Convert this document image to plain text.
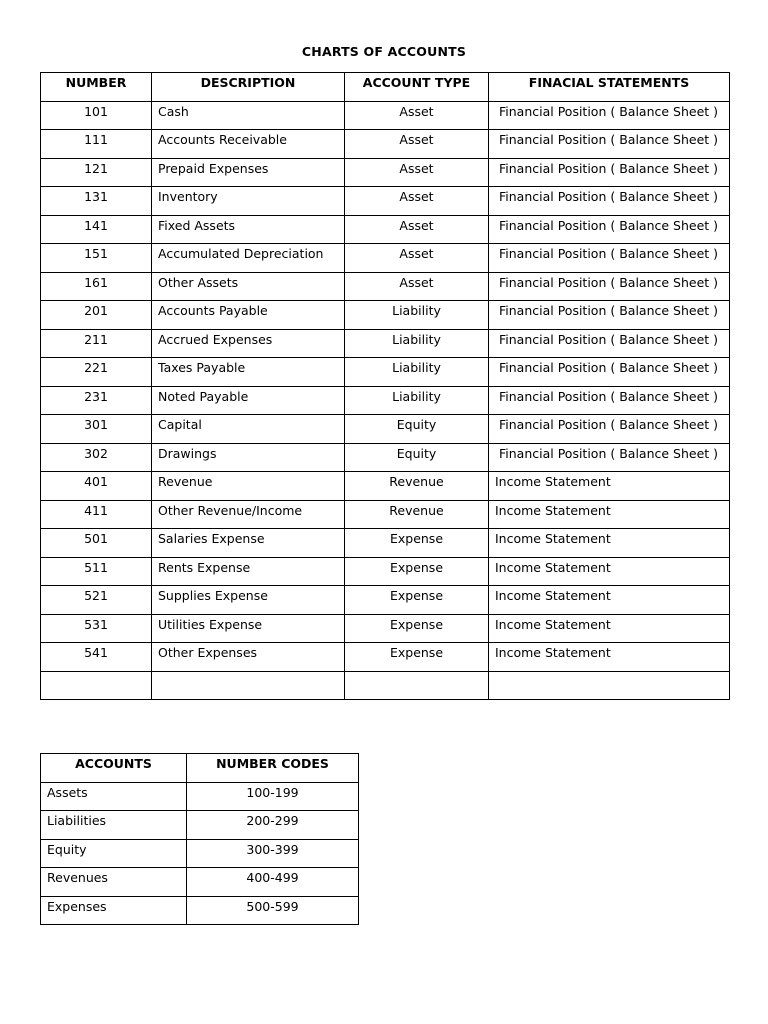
CHARTS OF ACCOUNTS
NUMBER	DESCRIPTION	ACCOUNT TYPE	FINACIAL STATEMENTS
101	Cash	Asset	Financial Position ( Balance Sheet )
111	Accounts Receivable	Asset	Financial Position ( Balance Sheet )
121	Prepaid Expenses	Asset	Financial Position ( Balance Sheet )
131	Inventory	Asset	Financial Position ( Balance Sheet )
141	Fixed Assets	Asset	Financial Position ( Balance Sheet )
151	Accumulated Depreciation	Asset	Financial Position ( Balance Sheet )
161	Other Assets	Asset	Financial Position ( Balance Sheet )
201	Accounts Payable	Liability	Financial Position ( Balance Sheet )
211	Accrued Expenses	Liability	Financial Position ( Balance Sheet )
221	Taxes Payable	Liability	Financial Position ( Balance Sheet )
231	Noted Payable	Liability	Financial Position ( Balance Sheet )
301	Capital	Equity	Financial Position ( Balance Sheet )
302	Drawings	Equity	Financial Position ( Balance Sheet )
401	Revenue	Revenue	Income Statement
411	Other Revenue/Income	Revenue	Income Statement
501	Salaries Expense	Expense	Income Statement
511	Rents Expense	Expense	Income Statement
521	Supplies Expense	Expense	Income Statement
531	Utilities Expense	Expense	Income Statement
541	Other Expenses	Expense	Income Statement

ACCOUNTS	NUMBER CODES
Assets	100-199
Liabilities	200-299
Equity	300-399
Revenues	400-499
Expenses	500-599
